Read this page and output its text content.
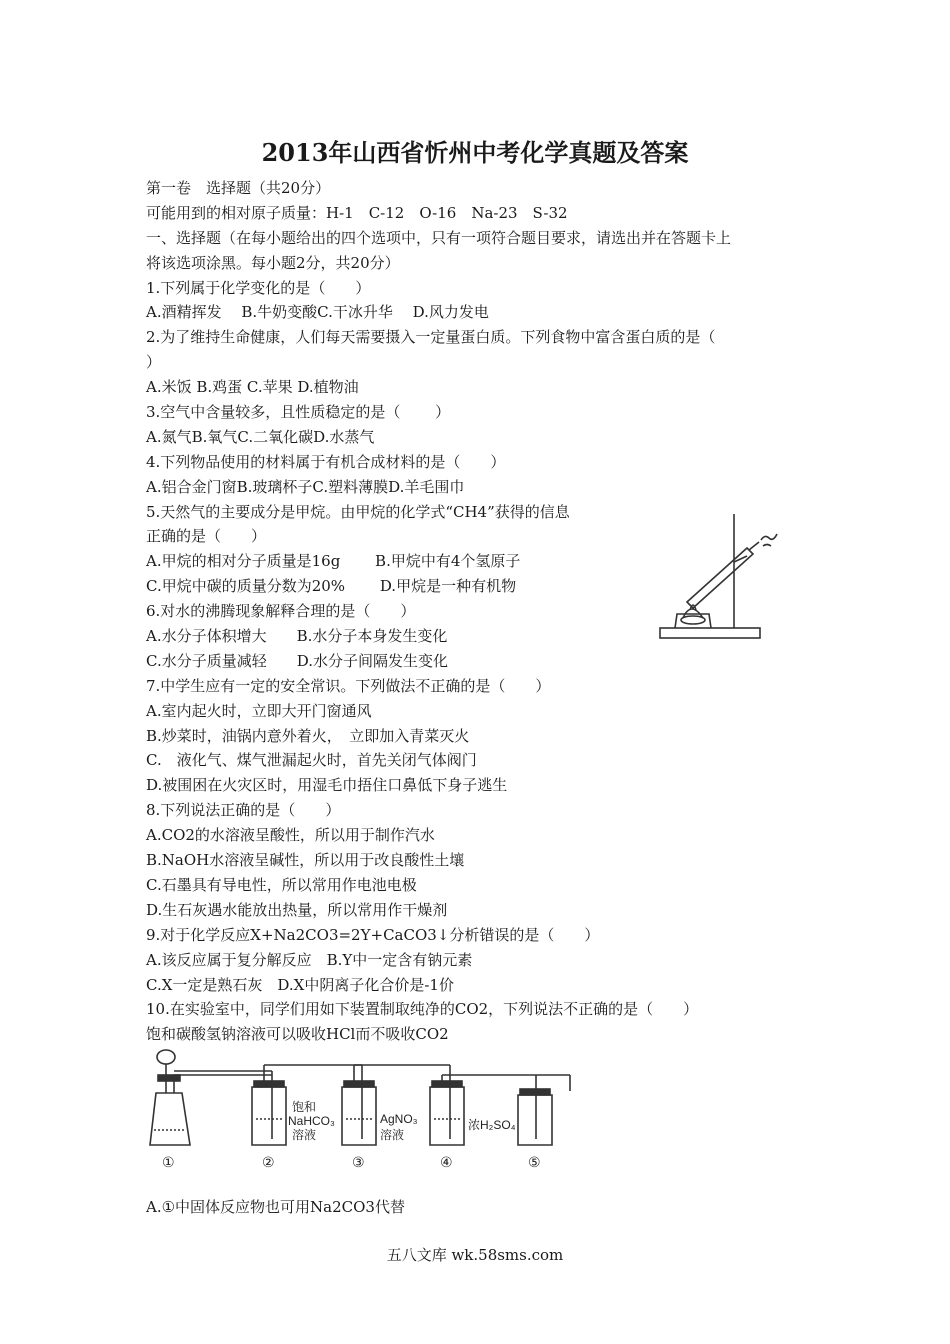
2013年山西省忻州中考化学真题及答案
第一卷　选择题（共20分）
可能用到的相对原子质量：H-1　C-12　O-16　Na-23　S-32
一、选择题（在每小题给出的四个选项中，只有一项符合题目要求，请选出并在答题卡上
将该选项涂黑。每小题2分，共20分）
1.下列属于化学变化的是（　　）
A.酒精挥发　 B.牛奶变酸C.干冰升华　 D.风力发电
2.为了维持生命健康，人们每天需要摄入一定量蛋白质。下列食物中富含蛋白质的是（
）
A.米饭 B.鸡蛋 C.苹果 D.植物油
3.空气中含量较多，且性质稳定的是（　　 ）
A.氮气B.氧气C.二氧化碳D.水蒸气
4.下列物品使用的材料属于有机合成材料的是（　　）
A.铝合金门窗B.玻璃杯子C.塑料薄膜D.羊毛围巾
5.天然气的主要成分是甲烷。由甲烷的化学式“CH4”获得的信息
正确的是（　　）
A.甲烷的相对分子质量是16g　　 B.甲烷中有4个氢原子
C.甲烷中碳的质量分数为20%　　 D.甲烷是一种有机物
6.对水的沸腾现象解释合理的是（　　）
A.水分子体积增大　　B.水分子本身发生变化
C.水分子质量减轻　　D.水分子间隔发生变化
7.中学生应有一定的安全常识。下列做法不正确的是（　　）
A.室内起火时，立即大开门窗通风
B.炒菜时，油锅内意外着火，　立即加入青菜灭火
C.　液化气、煤气泄漏起火时，首先关闭气体阀门
D.被围困在火灾区时，用湿毛巾捂住口鼻低下身子逃生
8.下列说法正确的是（　　）
A.CO2的水溶液呈酸性，所以用于制作汽水
B.NaOH水溶液呈碱性，所以用于改良酸性土壤
C.石墨具有导电性，所以常用作电池电极
D.生石灰遇水能放出热量，所以常用作干燥剂
9.对于化学反应X+Na2CO3=2Y+CaCO3↓分析错误的是（　　）
A.该反应属于复分解反应　B.Y中一定含有钠元素
C.X一定是熟石灰　D.X中阴离子化合价是-1价
10.在实验室中，同学们用如下装置制取纯净的CO2，下列说法不正确的是（　　）
饱和碳酸氢钠溶液可以吸收HCl而不吸收CO2
饱和
NaHCO₃
溶液
AgNO₃
溶液
浓H₂SO₄
①	②	③	④	⑤
A.①中固体反应物也可用Na2CO3代替
五八文库 wk.58sms.com
